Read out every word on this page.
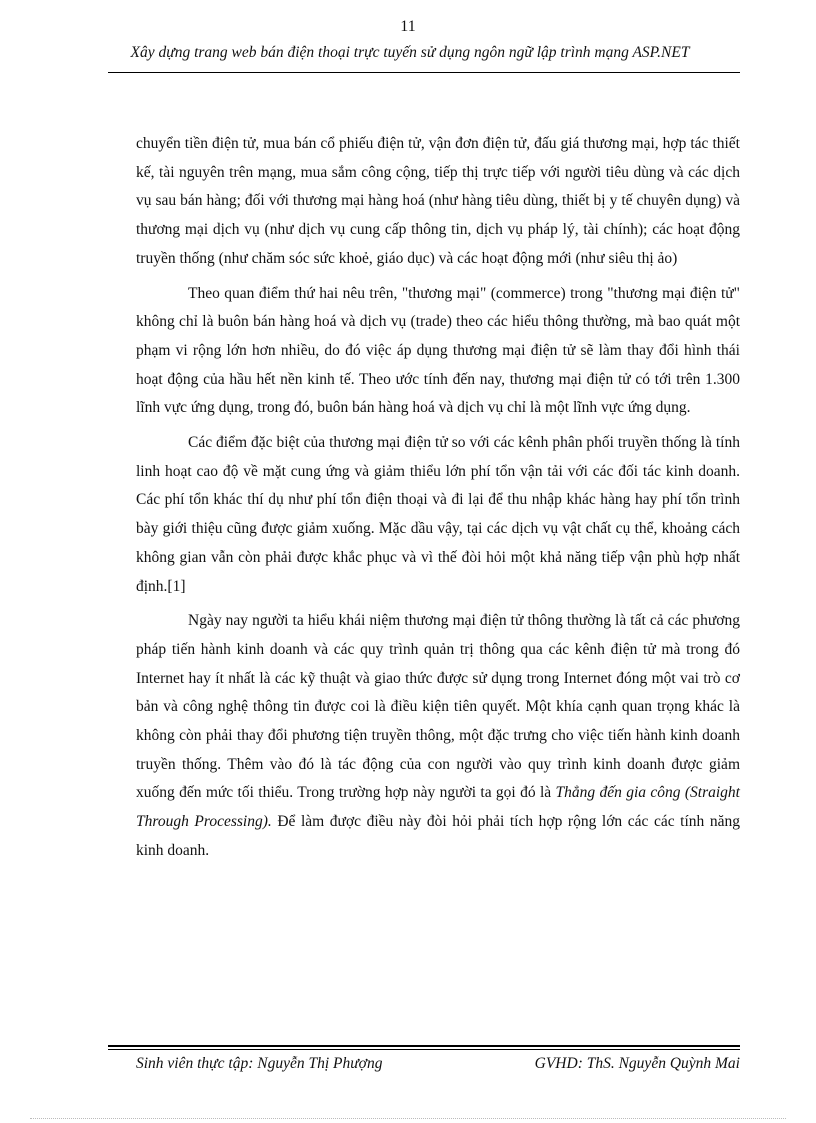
11
Xây dựng trang web bán điện thoại trực tuyến sử dụng ngôn ngữ lập trình mạng ASP.NET

chuyển tiền điện tử, mua bán cổ phiếu điện tử, vận đơn điện tử, đấu giá thương mại, hợp tác thiết kế, tài nguyên trên mạng, mua sắm công cộng, tiếp thị trực tiếp với người tiêu dùng và các dịch vụ sau bán hàng; đối với thương mại hàng hoá (như hàng tiêu dùng, thiết bị y tế chuyên dụng) và thương mại dịch vụ (như dịch vụ cung cấp thông tin, dịch vụ pháp lý, tài chính); các hoạt động truyền thống (như chăm sóc sức khoẻ, giáo dục) và các hoạt động mới (như siêu thị ảo)

Theo quan điểm thứ hai nêu trên, "thương mại" (commerce) trong "thương mại điện tử" không chỉ là buôn bán hàng hoá và dịch vụ (trade) theo các hiểu thông thường, mà bao quát một phạm vi rộng lớn hơn nhiều, do đó việc áp dụng thương mại điện tử sẽ làm thay đổi hình thái hoạt động của hầu hết nền kinh tế. Theo ước tính đến nay, thương mại điện tử có tới trên 1.300 lĩnh vực ứng dụng, trong đó, buôn bán hàng hoá và dịch vụ chỉ là một lĩnh vực ứng dụng.

Các điểm đặc biệt của thương mại điện tử so với các kênh phân phối truyền thống là tính linh hoạt cao độ về mặt cung ứng và giảm thiểu lớn phí tổn vận tải với các đối tác kinh doanh. Các phí tổn khác thí dụ như phí tổn điện thoại và đi lại để thu nhập khác hàng hay phí tổn trình bày giới thiệu cũng được giảm xuống. Mặc dầu vậy, tại các dịch vụ vật chất cụ thể, khoảng cách không gian vẫn còn phải được khắc phục và vì thế đòi hỏi một khả năng tiếp vận phù hợp nhất định.[1]

Ngày nay người ta hiểu khái niệm thương mại điện tử thông thường là tất cả các phương pháp tiến hành kinh doanh và các quy trình quản trị thông qua các kênh điện tử mà trong đó Internet hay ít nhất là các kỹ thuật và giao thức được sử dụng trong Internet đóng một vai trò cơ bản và công nghệ thông tin được coi là điều kiện tiên quyết. Một khía cạnh quan trọng khác là không còn phải thay đổi phương tiện truyền thông, một đặc trưng cho việc tiến hành kinh doanh truyền thống. Thêm vào đó là tác động của con người vào quy trình kinh doanh được giảm xuống đến mức tối thiểu. Trong trường hợp này người ta gọi đó là Thẳng đến gia công (Straight Through Processing). Để làm được điều này đòi hỏi phải tích hợp rộng lớn các các tính năng kinh doanh.

Sinh viên thực tập: Nguyễn Thị Phượng	GVHD: ThS. Nguyễn Quỳnh Mai
